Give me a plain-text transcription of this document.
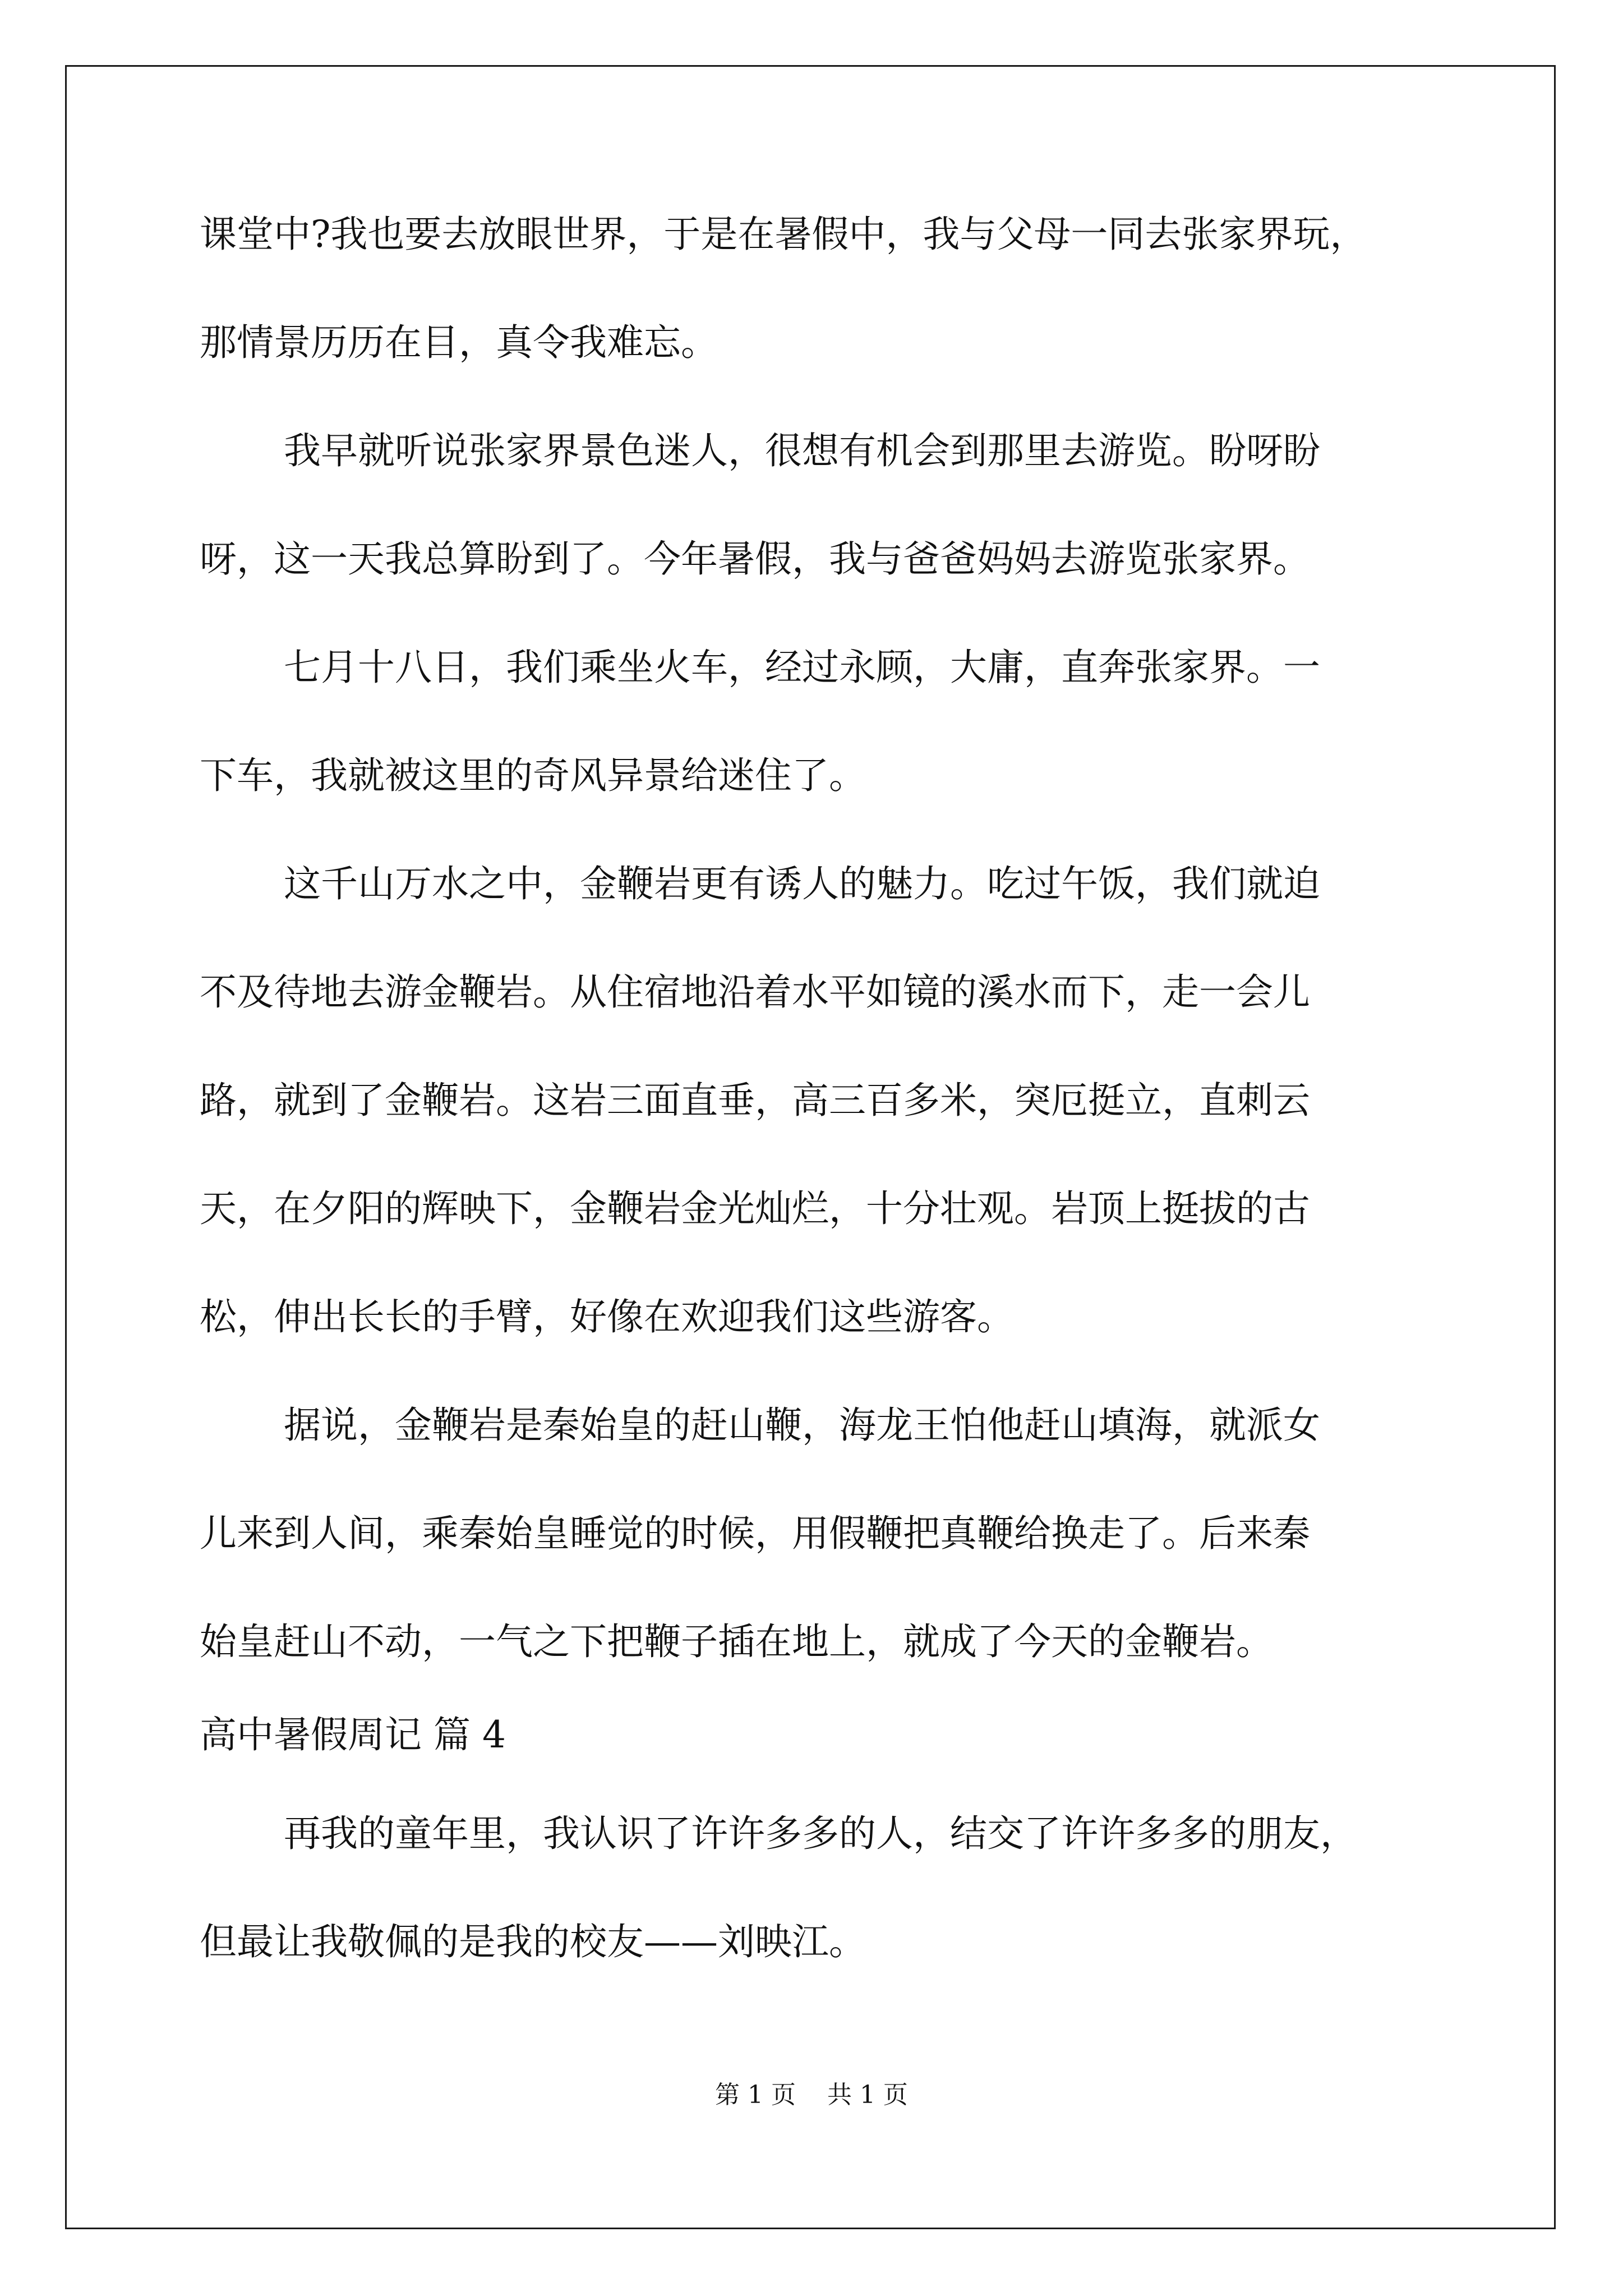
课堂中?我也要去放眼世界，于是在暑假中，我与父母一同去张家界玩，
那情景历历在目，真令我难忘。
我早就听说张家界景色迷人，很想有机会到那里去游览。盼呀盼
呀，这一天我总算盼到了。今年暑假，我与爸爸妈妈去游览张家界。
七月十八日，我们乘坐火车，经过永顾，大庸，直奔张家界。一
下车，我就被这里的奇风异景给迷住了。
这千山万水之中，金鞭岩更有诱人的魅力。吃过午饭，我们就迫
不及待地去游金鞭岩。从住宿地沿着水平如镜的溪水而下，走一会儿
路，就到了金鞭岩。这岩三面直垂，高三百多米，突厄挺立，直刺云
天，在夕阳的辉映下，金鞭岩金光灿烂，十分壮观。岩顶上挺拔的古
松，伸出长长的手臂，好像在欢迎我们这些游客。
据说，金鞭岩是秦始皇的赶山鞭，海龙王怕他赶山填海，就派女
儿来到人间，乘秦始皇睡觉的时候，用假鞭把真鞭给换走了。后来秦
始皇赶山不动，一气之下把鞭子插在地上，就成了今天的金鞭岩。
高中暑假周记 篇 4
再我的童年里，我认识了许许多多的人，结交了许许多多的朋友，
但最让我敬佩的是我的校友——刘映江。
第 1 页    共 1 页
